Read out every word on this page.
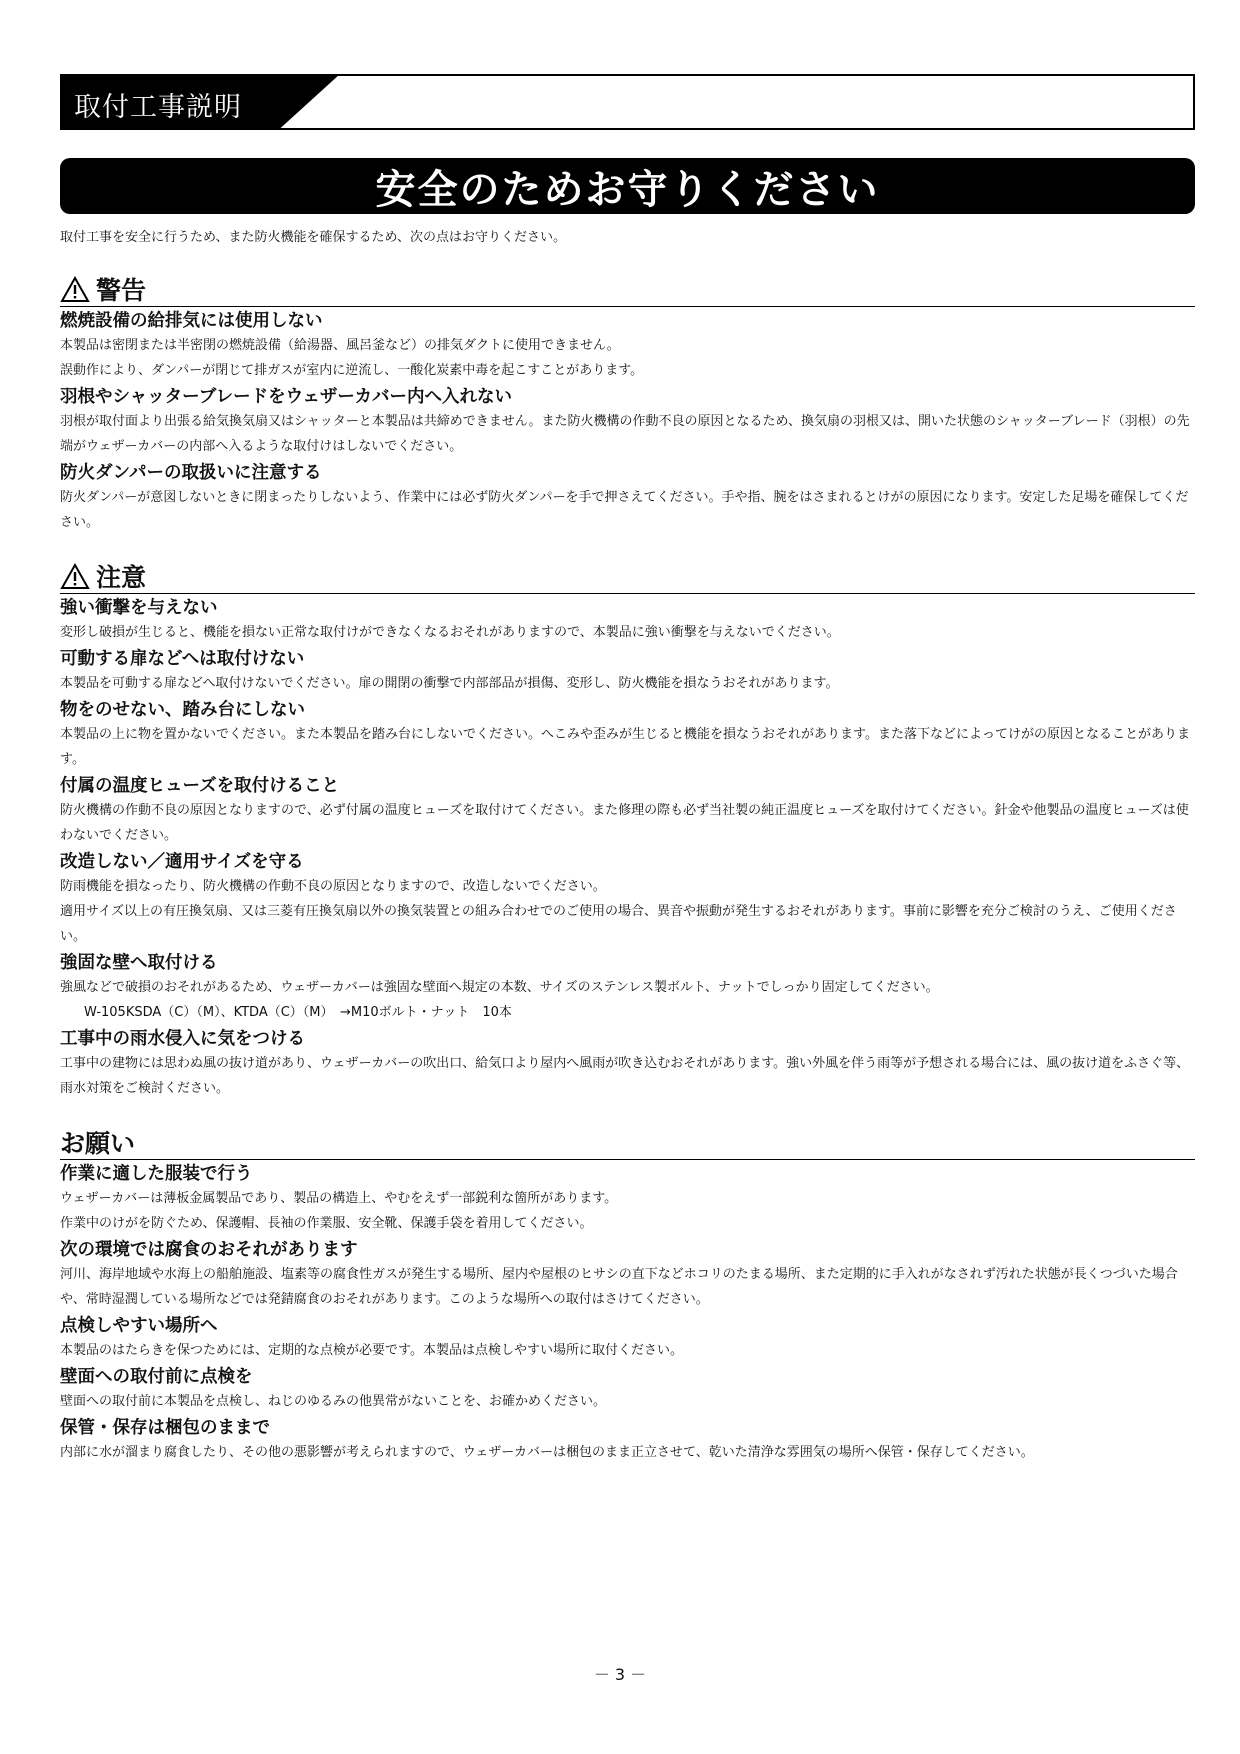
取付工事説明
安全のためお守りください
取付工事を安全に行うため、また防火機能を確保するため、次の点はお守りください。
警告
燃焼設備の給排気には使用しない

本製品は密閉または半密閉の燃焼設備（給湯器、風呂釜など）の排気ダクトに使用できません。

誤動作により、ダンパーが閉じて排ガスが室内に逆流し、一酸化炭素中毒を起こすことがあります。

羽根やシャッターブレードをウェザーカバー内へ入れない

羽根が取付面より出張る給気換気扇又はシャッターと本製品は共締めできません。また防火機構の作動不良の原因となるため、換気扇の羽根又は、開いた状態のシャッターブレード（羽根）の先端がウェザーカバーの内部へ入るような取付けはしないでください。

防火ダンパーの取扱いに注意する

防火ダンパーが意図しないときに閉まったりしないよう、作業中には必ず防火ダンパーを手で押さえてください。手や指、腕をはさまれるとけがの原因になります。安定した足場を確保してください。

注意
強い衝撃を与えない

変形し破損が生じると、機能を損ない正常な取付けができなくなるおそれがありますので、本製品に強い衝撃を与えないでください。

可動する扉などへは取付けない

本製品を可動する扉などへ取付けないでください。扉の開閉の衝撃で内部部品が損傷、変形し、防火機能を損なうおそれがあります。

物をのせない、踏み台にしない

本製品の上に物を置かないでください。また本製品を踏み台にしないでください。へこみや歪みが生じると機能を損なうおそれがあります。また落下などによってけがの原因となることがあります。

付属の温度ヒューズを取付けること

防火機構の作動不良の原因となりますので、必ず付属の温度ヒューズを取付けてください。また修理の際も必ず当社製の純正温度ヒューズを取付けてください。針金や他製品の温度ヒューズは使わないでください。

改造しない／適用サイズを守る

防雨機能を損なったり、防火機構の作動不良の原因となりますので、改造しないでください。

適用サイズ以上の有圧換気扇、又は三菱有圧換気扇以外の換気装置との組み合わせでのご使用の場合、異音や振動が発生するおそれがあります。事前に影響を充分ご検討のうえ、ご使用ください。

強固な壁へ取付ける

強風などで破損のおそれがあるため、ウェザーカバーは強固な壁面へ規定の本数、サイズのステンレス製ボルト、ナットでしっかり固定してください。

W-105KSDA（C）（M）、KTDA（C）（M）　→M10ボルト・ナット　10本

工事中の雨水侵入に気をつける

工事中の建物には思わぬ風の抜け道があり、ウェザーカバーの吹出口、給気口より屋内へ風雨が吹き込むおそれがあります。強い外風を伴う雨等が予想される場合には、風の抜け道をふさぐ等、雨水対策をご検討ください。

お願い
作業に適した服装で行う

ウェザーカバーは薄板金属製品であり、製品の構造上、やむをえず一部鋭利な箇所があります。

作業中のけがを防ぐため、保護帽、長袖の作業服、安全靴、保護手袋を着用してください。

次の環境では腐食のおそれがあります

河川、海岸地域や水海上の船舶施設、塩素等の腐食性ガスが発生する場所、屋内や屋根のヒサシの直下などホコリのたまる場所、また定期的に手入れがなされず汚れた状態が長くつづいた場合や、常時湿潤している場所などでは発錆腐食のおそれがあります。このような場所への取付はさけてください。

点検しやすい場所へ

本製品のはたらきを保つためには、定期的な点検が必要です。本製品は点検しやすい場所に取付ください。

壁面への取付前に点検を

壁面への取付前に本製品を点検し、ねじのゆるみの他異常がないことを、お確かめください。

保管・保存は梱包のままで

内部に水が溜まり腐食したり、その他の悪影響が考えられますので、ウェザーカバーは梱包のまま正立させて、乾いた清浄な雰囲気の場所へ保管・保存してください。

－ 3 －
